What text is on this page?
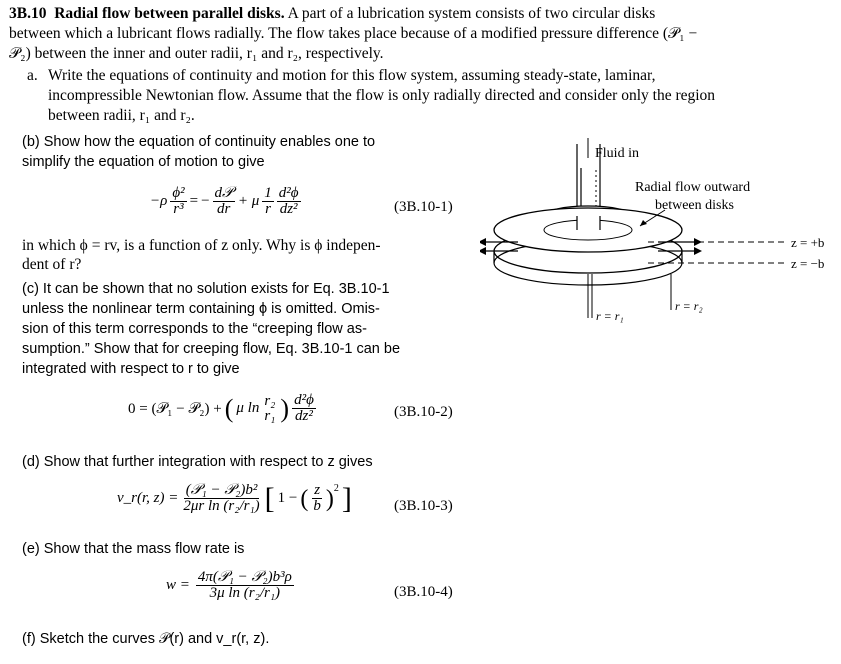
3B.10 Radial flow between parallel disks. A part of a lubrication system consists of two circular disks
between which a lubricant flows radially. The flow takes place because of a modified pressure difference (𝒫₁ −
𝒫₂) between the inner and outer radii, r₁ and r₂, respectively.
a. Write the equations of continuity and motion for this flow system, assuming steady-state, laminar,
incompressible Newtonian flow. Assume that the flow is only radially directed and consider only the region
between radii, r₁ and r₂.
(b) Show how the equation of continuity enables one to
simplify the equation of motion to give
$-\rho \frac{\text{ϕ²}}{\text{r³}}$ = − $\frac{\text{d𝒫}}{dr} + \mu \frac{1}{r} \frac{\text{d²ϕ}}{\text{dz²}}$	(3B.10-1)
in which ϕ = rv, is a function of z only. Why is ϕ indepen-
dent of r?
(c) It can be shown that no solution exists for Eq. 3B.10-1
unless the nonlinear term containing ϕ is omitted. Omis-
sion of this term corresponds to the “creeping flow as-
sumption.” Show that for creeping flow, Eq. 3B.10-1 can be
integrated with respect to r to give
0 = (𝒫₁ − 𝒫₂) + ( μ ln r₂
r₁ ) $\frac{\text{d²ϕ}}{\text{dz²}}$	(3B.10-2)
(d) Show that further integration with respect to z gives
v_r(r, $z) = \frac{\text{(𝒫₁ − 𝒫₂)b²}}{\text{2μr ln (r₂/r₁)}}$ [ 1 − ( $\frac{z}{b} )^2$ ]	(3B.10-3)
(e) Show that the mass flow rate is
$w = \frac{\text{4π(𝒫₁ − 𝒫₂)b³ρ}}{\text{3μ ln (r₂/r₁)}}$	(3B.10-4)
(f) Sketch the curves 𝒫(r) and v_r(r, z).
Fluid in
Radial flow outward
between disks
z = +b
z = −b
r = r₁
r = r₂
